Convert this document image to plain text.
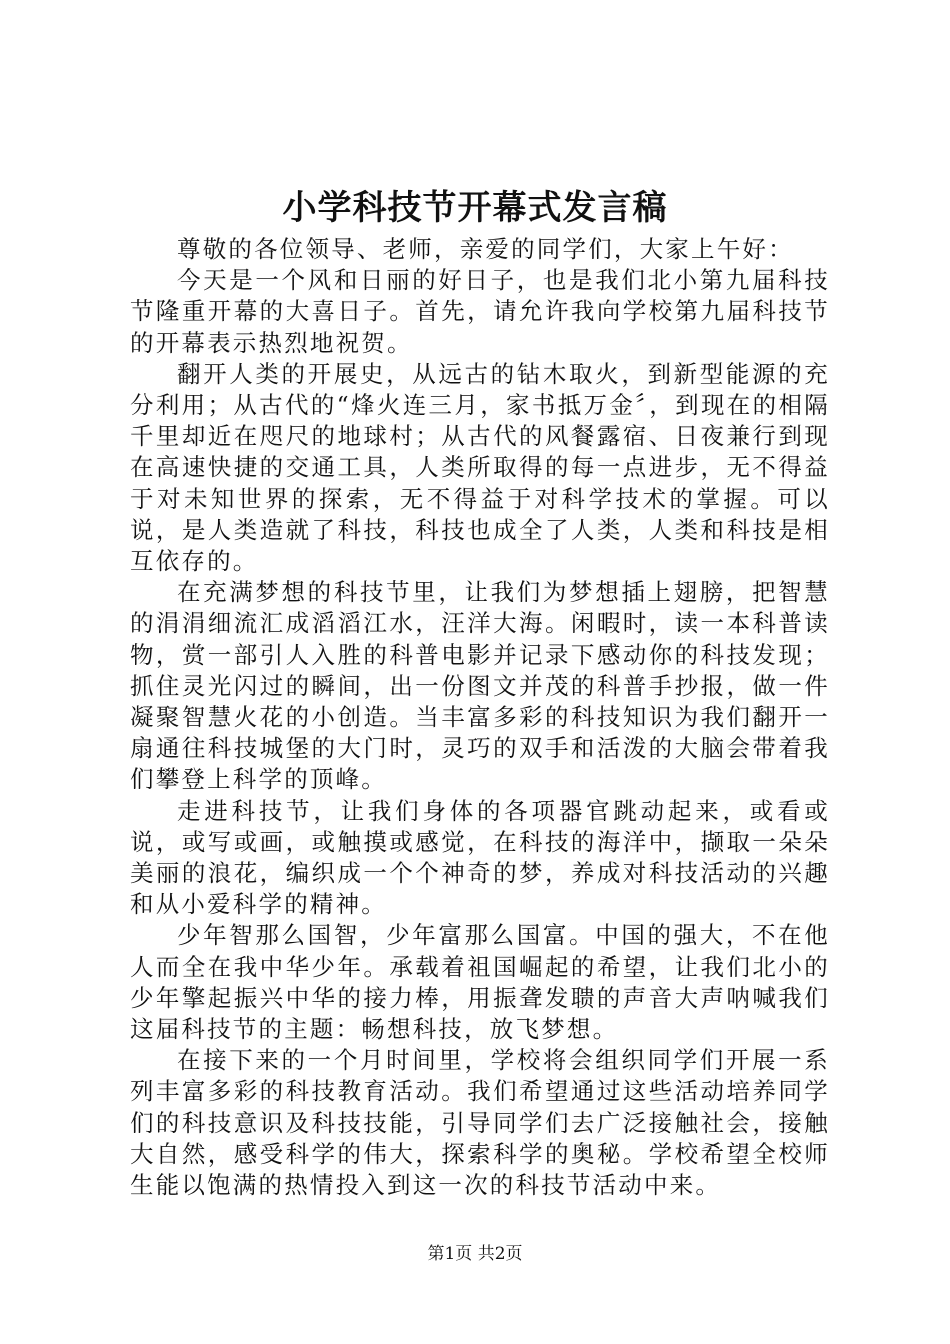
小学科技节开幕式发言稿

尊敬的各位领导、老师，亲爱的同学们，大家上午好：

今天是一个风和日丽的好日子，也是我们北小第九届科技节隆重开幕的大喜日子。首先，请允许我向学校第九届科技节的开幕表示热烈地祝贺。

翻开人类的开展史，从远古的钻木取火，到新型能源的充分利用；从古代的“烽火连三月，家书抵万金〞，到现在的相隔千里却近在咫尺的地球村；从古代的风餐露宿、日夜兼行到现在高速快捷的交通工具，人类所取得的每一点进步，无不得益于对未知世界的探索，无不得益于对科学技术的掌握。可以说，是人类造就了科技，科技也成全了人类，人类和科技是相互依存的。

在充满梦想的科技节里，让我们为梦想插上翅膀，把智慧的涓涓细流汇成滔滔江水，汪洋大海。闲暇时，读一本科普读物，赏一部引人入胜的科普电影并记录下感动你的科技发现；抓住灵光闪过的瞬间，出一份图文并茂的科普手抄报，做一件凝聚智慧火花的小创造。当丰富多彩的科技知识为我们翻开一扇通往科技城堡的大门时，灵巧的双手和活泼的大脑会带着我们攀登上科学的顶峰。

走进科技节，让我们身体的各项器官跳动起来，或看或说，或写或画，或触摸或感觉，在科技的海洋中，撷取一朵朵美丽的浪花，编织成一个个神奇的梦，养成对科技活动的兴趣和从小爱科学的精神。

少年智那么国智，少年富那么国富。中国的强大，不在他人而全在我中华少年。承载着祖国崛起的希望，让我们北小的少年擎起振兴中华的接力棒，用振聋发聩的声音大声呐喊我们这届科技节的主题：畅想科技，放飞梦想。

在接下来的一个月时间里，学校将会组织同学们开展一系列丰富多彩的科技教育活动。我们希望通过这些活动培养同学们的科技意识及科技技能，引导同学们去广泛接触社会，接触大自然，感受科学的伟大，探索科学的奥秘。学校希望全校师生能以饱满的热情投入到这一次的科技节活动中来。

第1页 共2页
